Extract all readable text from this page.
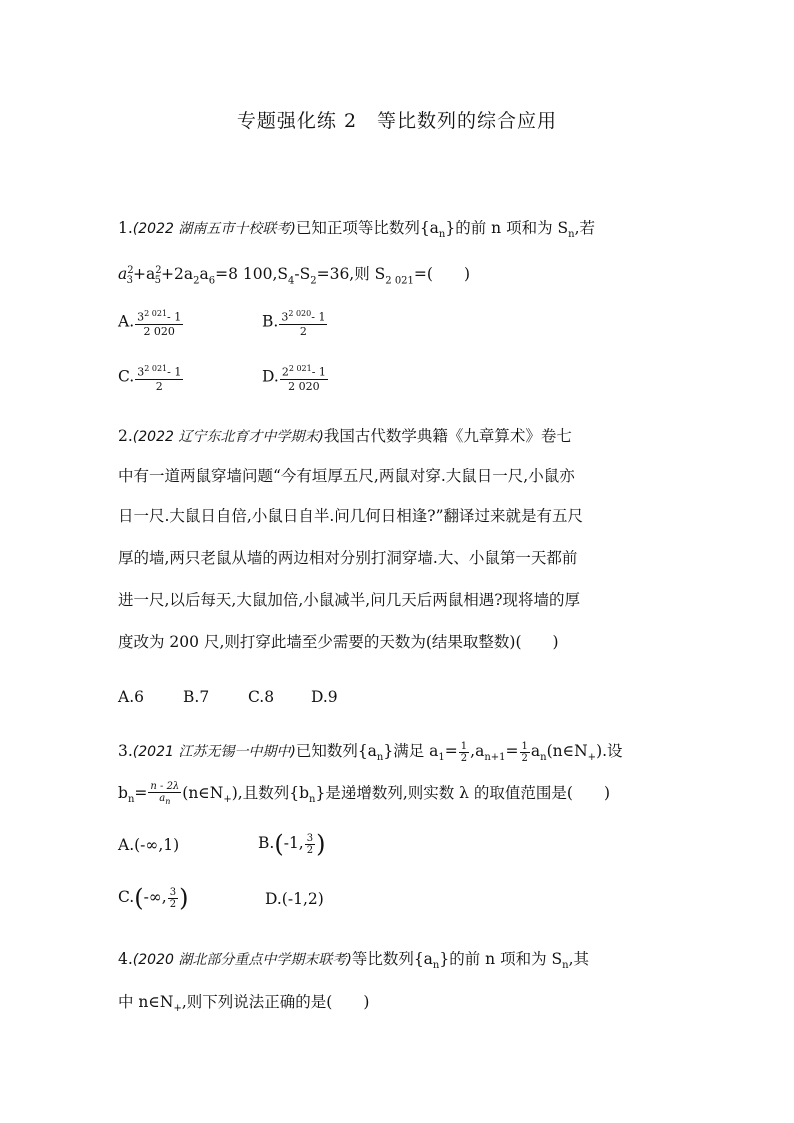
专题强化练 2　等比数列的综合应用
1.(2022 湖南五市十校联考)已知正项等比数列$\{a_n\}$的前 n 项和为 $S_n$,若
$a^2_3+a^2_5+2a_2a_6=8$ $100,S_4-S_2=36$,则 $S_{2 021}=$(　　)
A. $\frac{3^{2 021}- 1}{2 020}$	B. $\frac{3^{2 020}- 1}{2}$
C. $\frac{3^{2 021}- 1}{2}$	D. $\frac{2^{2 021}- 1}{2 020}$
2.(2022 辽宁东北育才中学期末)我国古代数学典籍《九章算术》卷七
中有一道两鼠穿墙问题“今有垣厚五尺,两鼠对穿.大鼠日一尺,小鼠亦
日一尺.大鼠日自倍,小鼠日自半.问几何日相逢?”翻译过来就是有五尺
厚的墙,两只老鼠从墙的两边相对分别打洞穿墙.大、小鼠第一天都前
进一尺,以后每天,大鼠加倍,小鼠减半,问几天后两鼠相遇?现将墙的厚
度改为 200 尺,则打穿此墙至少需要的天数为(结果取整数)(　　)
A.6	B.7	C.8 D.9
3.(2021 江苏无锡一中期中)已知数列$\{a_n\}$满足 $a_1= \frac{1}{2} ,a_{n+1}= \frac{1}{2}$ $a_n(n\in N_+)$.设
$b_n= \frac{n - 2\lambda}{a_n}$ $(n\in N_+)$,且数列$\{b_n\}$是递增数列,则实数 λ 的取值范围是(　　)
A.(-∞,1)	B.(-1, $\frac{3}{2}$ )
C.(-∞, $\frac{3}{2}$ )	D.(-1,2)
4.(2020 湖北部分重点中学期末联考)等比数列$\{a_n\}$的前 n 项和为 $S_n$,其
中 $n\in N_+$,则下列说法正确的是(　　)
